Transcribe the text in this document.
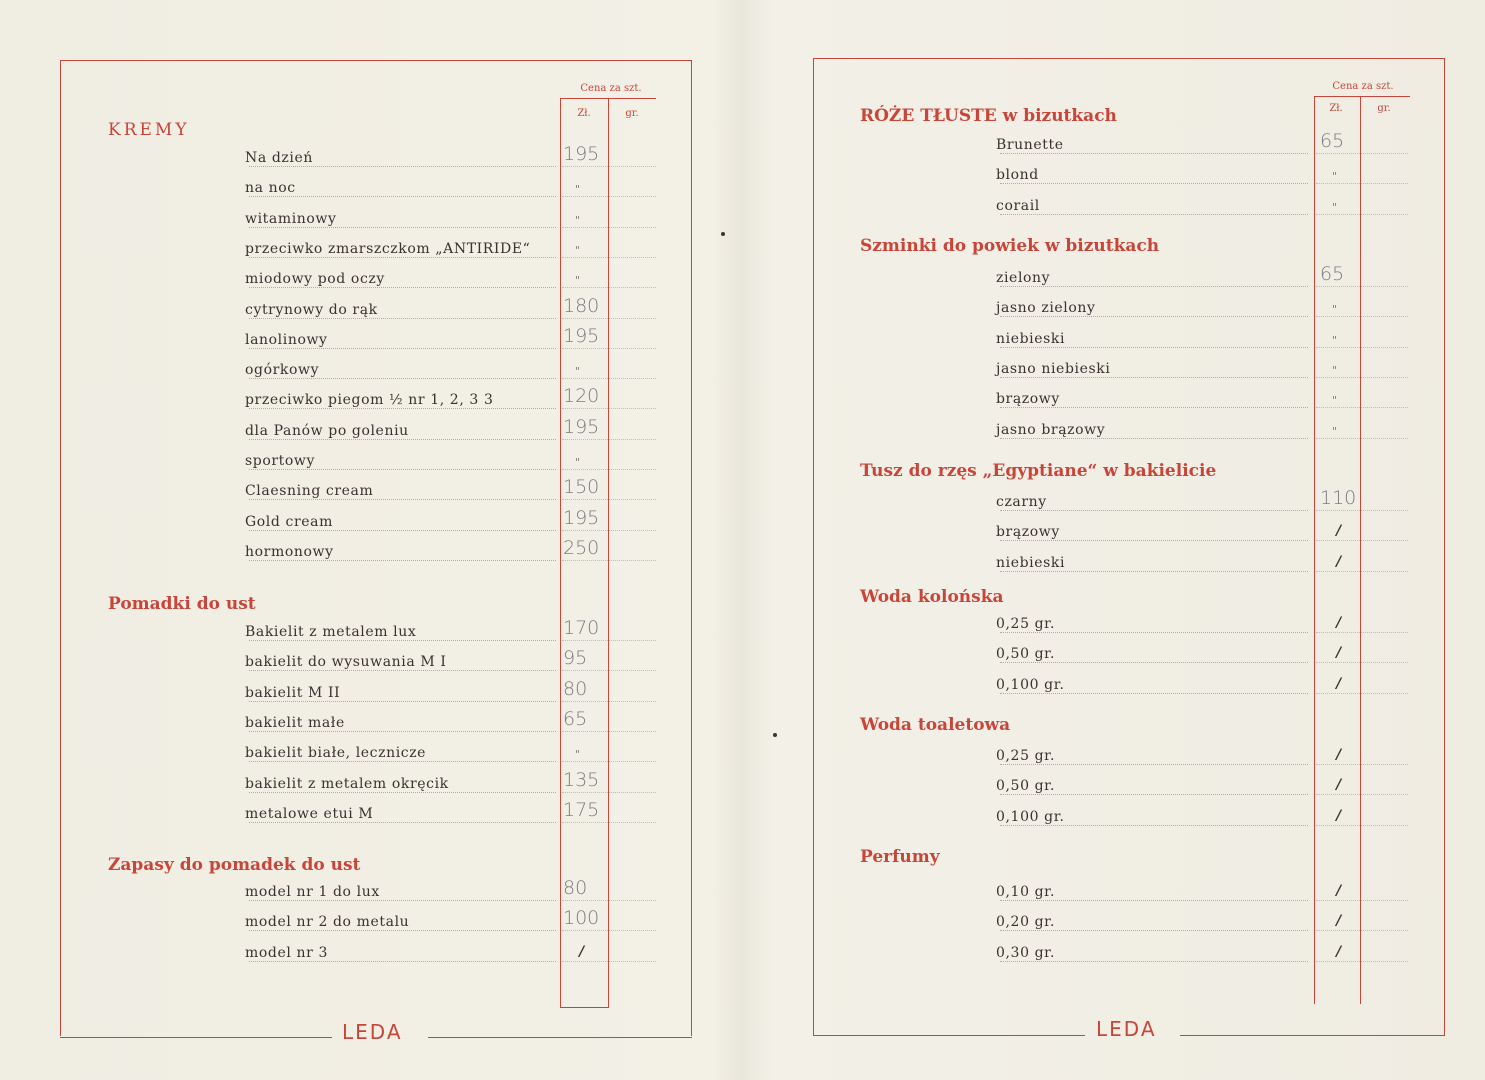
LEDA
Cena za szt.
Zł.	gr.
KREMY
Na dzień	195
na noc	"
witaminowy	"
przeciwko zmarszczkom „ANTIRIDE“	"
miodowy pod oczy	"
cytrynowy do rąk	180
lanolinowy	195
ogórkowy	"
przeciwko piegom ½ nr 1, 2, 3 3	120
dla Panów po goleniu	195
sportowy	"
Claesning cream	150
Gold cream	195
hormonowy	250
Pomadki do ust
Bakielit z metalem lux	170
bakielit do wysuwania M I	95
bakielit M II	80
bakielit małe	65
bakielit białe, lecznicze	"
bakielit z metalem okręcik	135
metalowe etui M	175
Zapasy do pomadek do ust
model nr 1 do lux	80
model nr 2 do metalu	100
model nr 3	/
LEDA
Cena za szt.
Zł.	gr.
RÓŻE TŁUSTE w bizutkach
Brunette	65
blond	"
corail	"
Szminki do powiek w bizutkach
zielony	65
jasno zielony	"
niebieski	"
jasno niebieski	"
brązowy	"
jasno brązowy	"
Tusz do rzęs „Egyptiane“ w bakielicie
czarny	110
brązowy	/
niebieski	/
Woda kolońska
0,25 gr.	/
0,50 gr.	/
0,100 gr.	/
Woda toaletowa
0,25 gr.	/
0,50 gr.	/
0,100 gr.	/
Perfumy
0,10 gr.	/
0,20 gr.	/
0,30 gr.	/
